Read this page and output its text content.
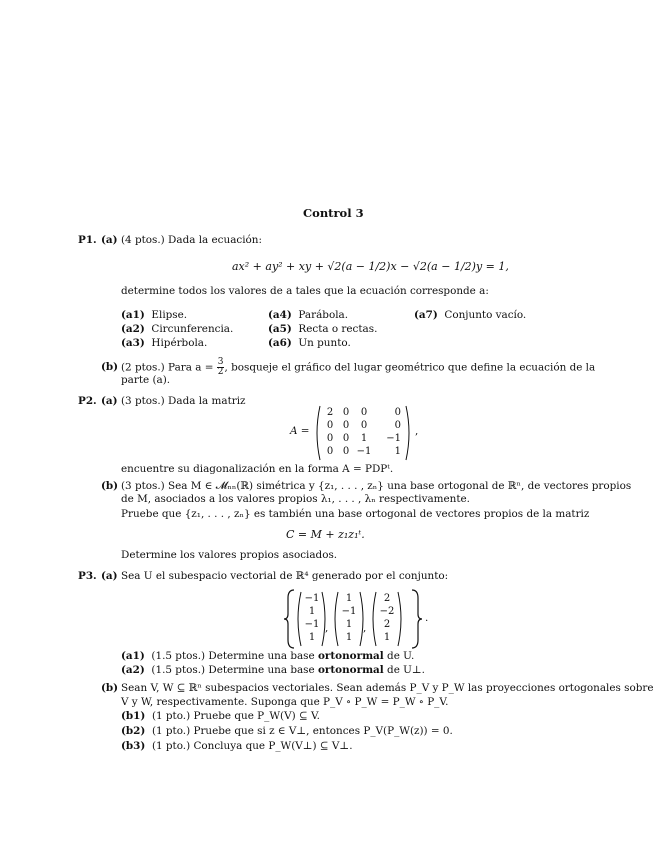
Control 3
P1. (a) (4 ptos.) Dada la ecuación:
ax² + ay² + xy + √2(a − 1/2)x − √2(a − 1/2)y = 1,
determine todos los valores de a tales que la ecuación corresponde a:
(a1) Elipse.
(a2) Circunferencia.
(a3) Hipérbola.
(a4) Parábola.
(a5) Recta o rectas.
(a6) Un punto.
(a7) Conjunto vacío.
(b) (2 ptos.) Para $a = \frac{3}{2}$ , bosqueje el gráfico del lugar geométrico que define la ecuación de la
parte (a).
P2. (a) (3 ptos.) Dada la matriz
A =
2 0	0	0
0 0	0	0
0 0	1	−1
0 0 −1	1
,
encuentre su diagonalización en la forma A = PDPᵗ.
(b) (3 ptos.) Sea M ∈ 𝓜ₙₙ(ℝ) simétrica y {z₁, . . . , zₙ} una base ortogonal de ℝⁿ, de vectores propios
de M, asociados a los valores propios λ₁, . . . , λₙ respectivamente.
Pruebe que {z₁, . . . , zₙ} es también una base ortogonal de vectores propios de la matriz
C = M + z₁z₁ᵗ.
Determine los valores propios asociados.
P3. (a) Sea U el subespacio vectorial de ℝ⁴ generado por el conjunto:
−1
1
−1
1
,
1
−1
1
1
,
2
−2
2
1
.
(a1) (1.5 ptos.) Determine una base ortonormal de U.
(a2) (1.5 ptos.) Determine una base ortonormal de U⊥.
(b) Sean V, W ⊆ ℝⁿ subespacios vectoriales. Sean además P_V y P_W las proyecciones ortogonales sobre
V y W, respectivamente. Suponga que P_V ∘ P_W = P_W ∘ P_V.
(b1) (1 pto.) Pruebe que P_W(V) ⊆ V.
(b2) (1 pto.) Pruebe que si z ∈ V⊥, entonces P_V(P_W(z)) = 0.
(b3) (1 pto.) Concluya que P_W(V⊥) ⊆ V⊥.
